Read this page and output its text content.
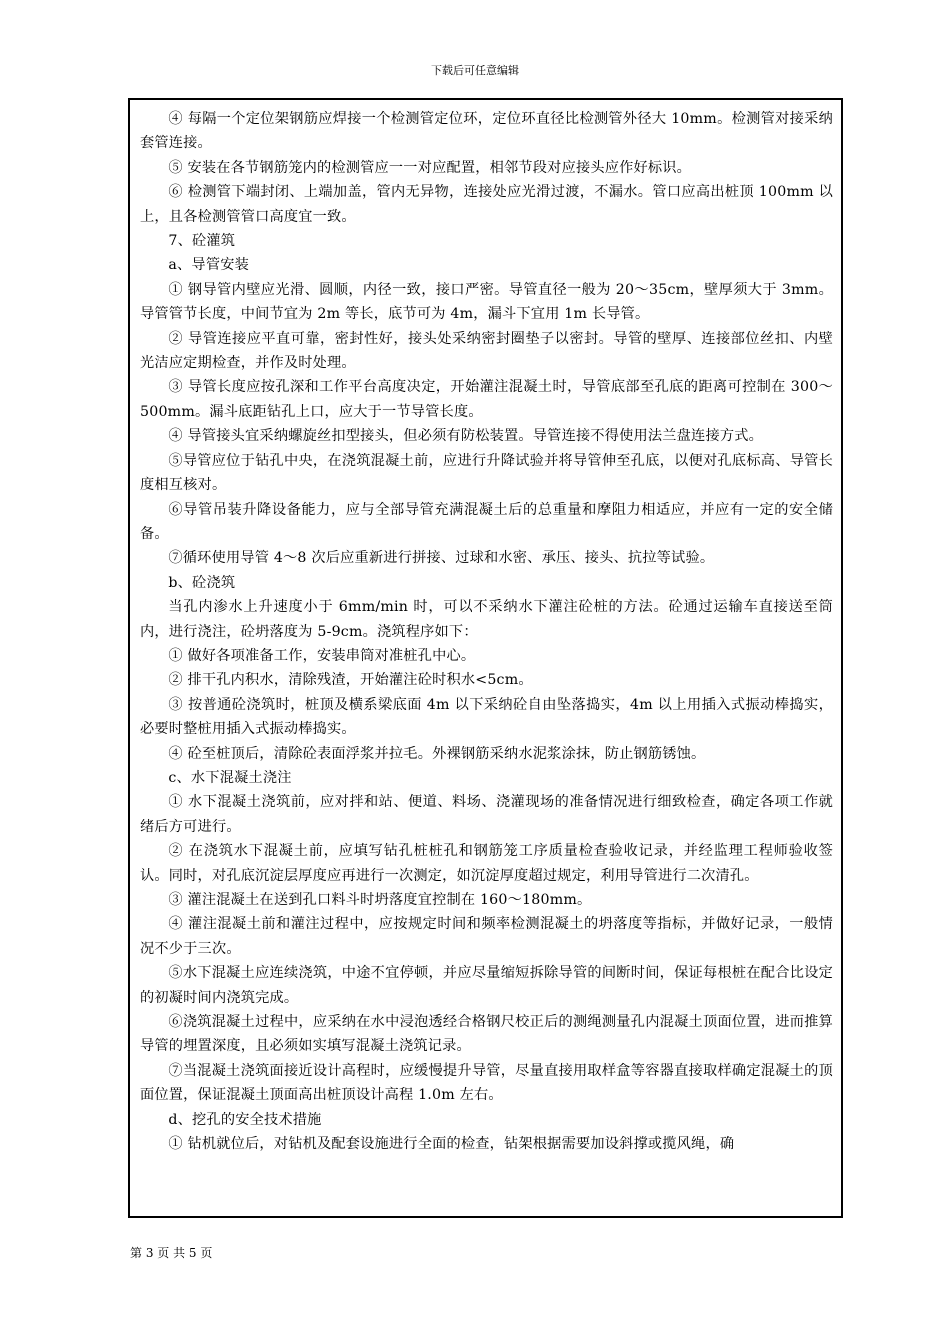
下载后可任意编辑

④ 每隔一个定位架钢筋应焊接一个检测管定位环，定位环直径比检测管外径大 10mm。检测管对接采纳套管连接。

⑤ 安装在各节钢筋笼内的检测管应一一对应配置，相邻节段对应接头应作好标识。

⑥ 检测管下端封闭、上端加盖，管内无异物，连接处应光滑过渡，不漏水。管口应高出桩顶 100mm 以上，且各检测管管口高度宜一致。

7、砼灌筑

a、导管安装

① 钢导管内壁应光滑、圆顺，内径一致，接口严密。导管直径一般为 20～35cm，壁厚须大于 3mm。导管管节长度，中间节宜为 2m 等长，底节可为 4m，漏斗下宜用 1m 长导管。

② 导管连接应平直可靠，密封性好，接头处采纳密封圈垫子以密封。导管的壁厚、连接部位丝扣、内壁光洁应定期检查，并作及时处理。

③ 导管长度应按孔深和工作平台高度决定，开始灌注混凝土时，导管底部至孔底的距离可控制在 300～500mm。漏斗底距钻孔上口，应大于一节导管长度。

④ 导管接头宜采纳螺旋丝扣型接头，但必须有防松装置。导管连接不得使用法兰盘连接方式。

⑤导管应位于钻孔中央，在浇筑混凝土前，应进行升降试验并将导管伸至孔底，以便对孔底标高、导管长度相互核对。

⑥导管吊装升降设备能力，应与全部导管充满混凝土后的总重量和摩阻力相适应，并应有一定的安全储备。

⑦循环使用导管 4～8 次后应重新进行拼接、过球和水密、承压、接头、抗拉等试验。

b、砼浇筑

当孔内渗水上升速度小于 6mm/min 时，可以不采纳水下灌注砼桩的方法。砼通过运输车直接送至筒内，进行浇注，砼坍落度为 5-9cm。浇筑程序如下：

① 做好各项准备工作，安装串筒对准桩孔中心。

② 排干孔内积水，清除残渣，开始灌注砼时积水<5cm。

③ 按普通砼浇筑时，桩顶及横系梁底面 4m 以下采纳砼自由坠落捣实，4m 以上用插入式振动棒捣实，必要时整桩用插入式振动棒捣实。

④ 砼至桩顶后，清除砼表面浮浆并拉毛。外裸钢筋采纳水泥浆涂抹，防止钢筋锈蚀。

c、水下混凝土浇注

① 水下混凝土浇筑前，应对拌和站、便道、料场、浇灌现场的准备情况进行细致检查，确定各项工作就绪后方可进行。

② 在浇筑水下混凝土前，应填写钻孔桩桩孔和钢筋笼工序质量检查验收记录，并经监理工程师验收签认。同时，对孔底沉淀层厚度应再进行一次测定，如沉淀厚度超过规定，利用导管进行二次清孔。

③ 灌注混凝土在送到孔口料斗时坍落度宜控制在 160～180mm。

④ 灌注混凝土前和灌注过程中，应按规定时间和频率检测混凝土的坍落度等指标，并做好记录，一般情况不少于三次。

⑤水下混凝土应连续浇筑，中途不宜停顿，并应尽量缩短拆除导管的间断时间，保证每根桩在配合比设定的初凝时间内浇筑完成。

⑥浇筑混凝土过程中，应采纳在水中浸泡透经合格钢尺校正后的测绳测量孔内混凝土顶面位置，进而推算导管的埋置深度，且必须如实填写混凝土浇筑记录。

⑦当混凝土浇筑面接近设计高程时，应缓慢提升导管，尽量直接用取样盒等容器直接取样确定混凝土的顶面位置，保证混凝土顶面高出桩顶设计高程 1.0m 左右。

d、挖孔的安全技术措施

① 钻机就位后，对钻机及配套设施进行全面的检查，钻架根据需要加设斜撑或揽风绳，确

第 3 页 共 5 页
